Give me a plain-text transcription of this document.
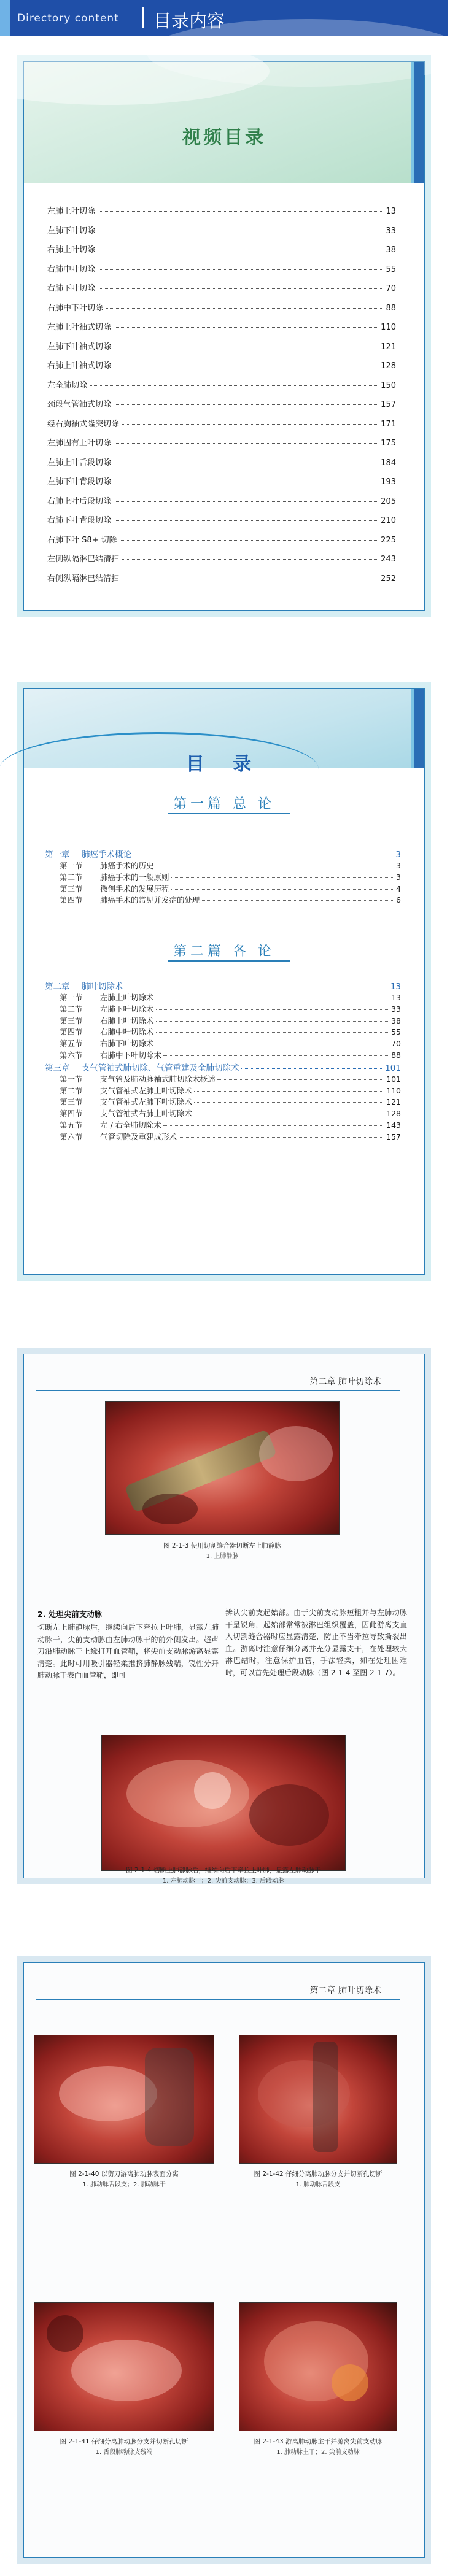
Directory content 目录内容
视频目录
左肺上叶切除	13
左肺下叶切除	33
右肺上叶切除	38
右肺中叶切除	55
右肺下叶切除	70
右肺中下叶切除	88
左肺上叶袖式切除	110
左肺下叶袖式切除	121
右肺上叶袖式切除	128
左全肺切除	150
颈段气管袖式切除	157
经右胸袖式隆突切除	171
左肺固有上叶切除	175
左肺上叶舌段切除	184
左肺下叶背段切除	193
右肺上叶后段切除	205
右肺下叶背段切除	210
右肺下叶 S8+ 切除	225
左侧纵隔淋巴结清扫	243
右侧纵隔淋巴结清扫	252
目 录
第一篇 总 论
第一章	肺癌手术概论	3
第一节	肺癌手术的历史	3
第二节	肺癌手术的一般原则	3
第三节	微创手术的发展历程	4
第四节	肺癌手术的常见并发症的处理	6
第二篇 各 论
第二章	肺叶切除术	13
第一节	左肺上叶切除术	13
第二节	左肺下叶切除术	33
第三节	右肺上叶切除术	38
第四节	右肺中叶切除术	55
第五节	右肺下叶切除术	70
第六节	右肺中下叶切除术	88
第三章	支气管袖式肺切除、气管重建及全肺切除术	101
第一节	支气管及肺动脉袖式肺切除术概述	101
第二节	支气管袖式左肺上叶切除术	110
第三节	支气管袖式左肺下叶切除术	121
第四节	支气管袖式右肺上叶切除术	128
第五节	左 / 右全肺切除术	143
第六节	气管切除及重建成形术	157
第二章 肺叶切除术
图 2-1-3 使用切割缝合器切断左上肺静脉
1. 上肺静脉
2. 处理尖前支动脉
切断左上肺静脉后，继续向后下牵拉上叶肺，显露左肺动脉干，尖前支动脉由左肺动脉干的前外侧发出。超声刀沿肺动脉干上缘打开血管鞘，将尖前支动脉游离显露清楚。此时可用吸引器轻柔推挤肺静脉残端，锐性分开肺动脉干表面血管鞘，即可
辨认尖前支起始部。由于尖前支动脉短粗并与左肺动脉干呈锐角，起始部常常被淋巴组织覆盖，因此游离支直入切割缝合器时应显露清楚，防止不当牵拉导致撕裂出血。游离时注意仔细分离并充分显露支干，在处理较大淋巴结时，注意保护血管，手法轻柔，如在处理困难时，可以首先处理后段动脉（图 2-1-4 至图 2-1-7）。
图 2-1-4 切断上肺静脉后，继续向后下牵拉上叶肺，显露左肺动脉干
1. 左肺动脉干；2. 尖前支动脉；3. 后段动脉
第二章 肺叶切除术
图 2-1-40 以剪刀游离肺动脉表面分离
1. 肺动脉舌段支；2. 肺动脉干
图 2-1-42 仔细分离肺动脉分支并切断孔切断
1. 肺动脉舌段支
图 2-1-41 仔细分离肺动脉分支并切断孔切断
1. 舌段肺动脉支残端
图 2-1-43 游离肺动脉主干并游离尖前支动脉
1. 肺动脉主干；2. 尖前支动脉
